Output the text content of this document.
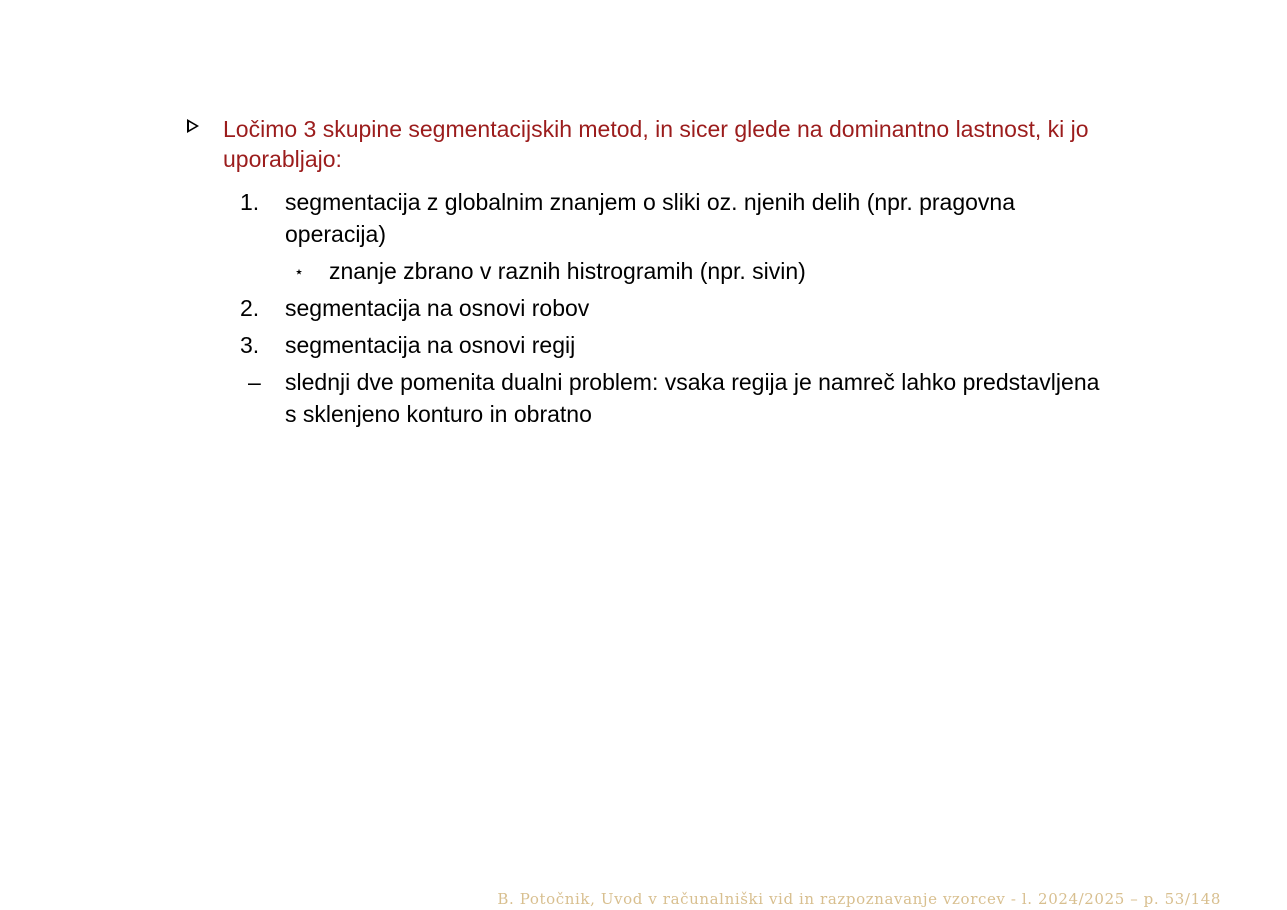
Ločimo 3 skupine segmentacijskih metod, in sicer glede na dominantno lastnost, ki jo uporabljajo:
1.	segmentacija z globalnim znanjem o sliki oz. njenih delih (npr. pragovna operacija)
⋆ znanje zbrano v raznih histrogramih (npr. sivin)
2.	segmentacija na osnovi robov
3.	segmentacija na osnovi regij
–	slednji dve pomenita dualni problem: vsaka regija je namreč lahko predstavljena s sklenjeno konturo in obratno
B. Potočnik, Uvod v računalniški vid in razpoznavanje vzorcev - l. 2024/2025 – p. 53/148
